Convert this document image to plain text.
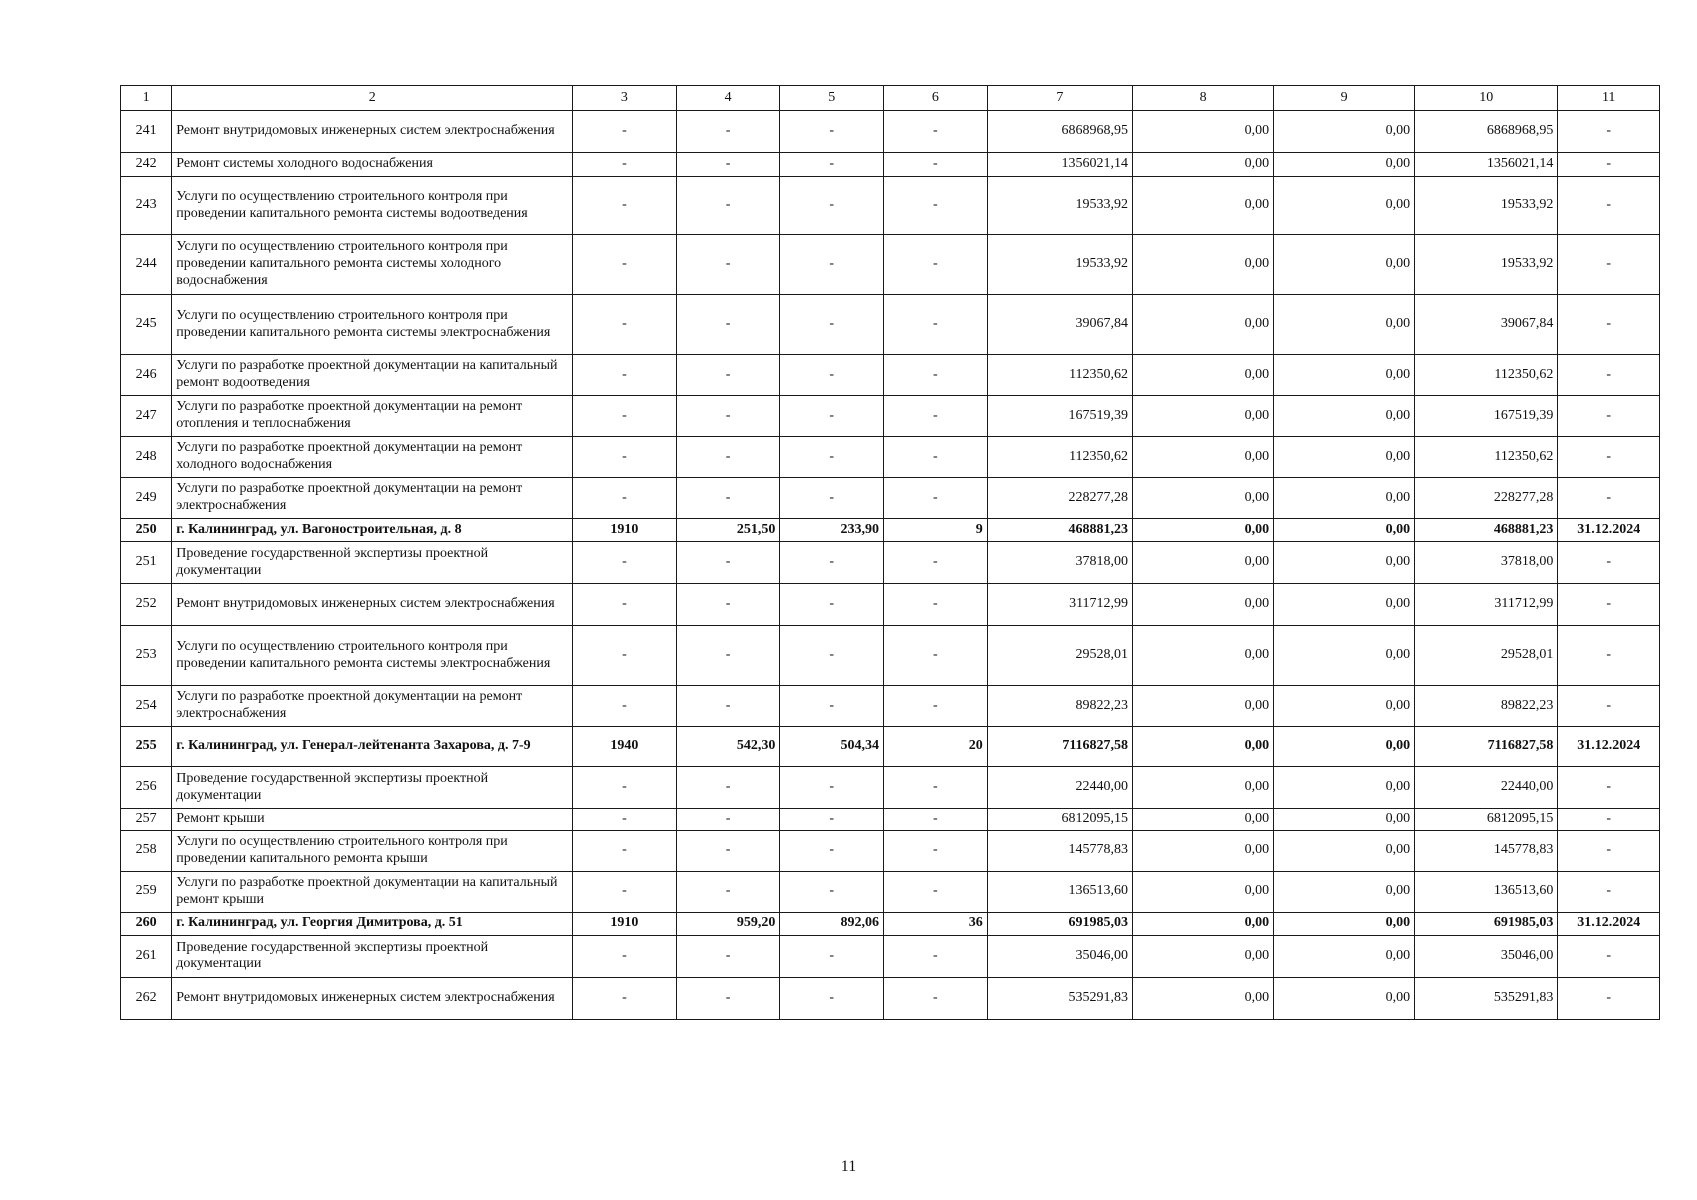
1	2	3	4	5	6	7	8	9	10	11
241	Ремонт внутридомовых инженерных систем электроснабжения	-	-	-	-	6868968,95	0,00	0,00	6868968,95	-
242	Ремонт системы холодного водоснабжения	-	-	-	-	1356021,14	0,00	0,00	1356021,14	-
243	Услуги по осуществлению строительного контроля при проведении капитального ремонта системы водоотведения	-	-	-	-	19533,92	0,00	0,00	19533,92	-
244	Услуги по осуществлению строительного контроля при проведении капитального ремонта системы холодного водоснабжения	-	-	-	-	19533,92	0,00	0,00	19533,92	-
245	Услуги по осуществлению строительного контроля при проведении капитального ремонта системы электроснабжения	-	-	-	-	39067,84	0,00	0,00	39067,84	-
246	Услуги по разработке проектной документации на капитальный ремонт водоотведения	-	-	-	-	112350,62	0,00	0,00	112350,62	-
247	Услуги по разработке проектной документации на ремонт отопления и теплоснабжения	-	-	-	-	167519,39	0,00	0,00	167519,39	-
248	Услуги по разработке проектной документации на ремонт холодного водоснабжения	-	-	-	-	112350,62	0,00	0,00	112350,62	-
249	Услуги по разработке проектной документации на ремонт электроснабжения	-	-	-	-	228277,28	0,00	0,00	228277,28	-
250	г. Калининград, ул. Вагоностроительная, д. 8	1910	251,50	233,90	9	468881,23	0,00	0,00	468881,23	31.12.2024
251	Проведение государственной экспертизы проектной документации	-	-	-	-	37818,00	0,00	0,00	37818,00	-
252	Ремонт внутридомовых инженерных систем электроснабжения	-	-	-	-	311712,99	0,00	0,00	311712,99	-
253	Услуги по осуществлению строительного контроля при проведении капитального ремонта системы электроснабжения	-	-	-	-	29528,01	0,00	0,00	29528,01	-
254	Услуги по разработке проектной документации на ремонт электроснабжения	-	-	-	-	89822,23	0,00	0,00	89822,23	-
255	г. Калининград, ул. Генерал-лейтенанта Захарова, д. 7-9	1940	542,30	504,34	20	7116827,58	0,00	0,00	7116827,58	31.12.2024
256	Проведение государственной экспертизы проектной документации	-	-	-	-	22440,00	0,00	0,00	22440,00	-
257	Ремонт крыши	-	-	-	-	6812095,15	0,00	0,00	6812095,15	-
258	Услуги по осуществлению строительного контроля при проведении капитального ремонта крыши	-	-	-	-	145778,83	0,00	0,00	145778,83	-
259	Услуги по разработке проектной документации на капитальный ремонт крыши	-	-	-	-	136513,60	0,00	0,00	136513,60	-
260	г. Калининград, ул. Георгия Димитрова, д. 51	1910	959,20	892,06	36	691985,03	0,00	0,00	691985,03	31.12.2024
261	Проведение государственной экспертизы проектной документации	-	-	-	-	35046,00	0,00	0,00	35046,00	-
262	Ремонт внутридомовых инженерных систем электроснабжения	-	-	-	-	535291,83	0,00	0,00	535291,83	-
11
